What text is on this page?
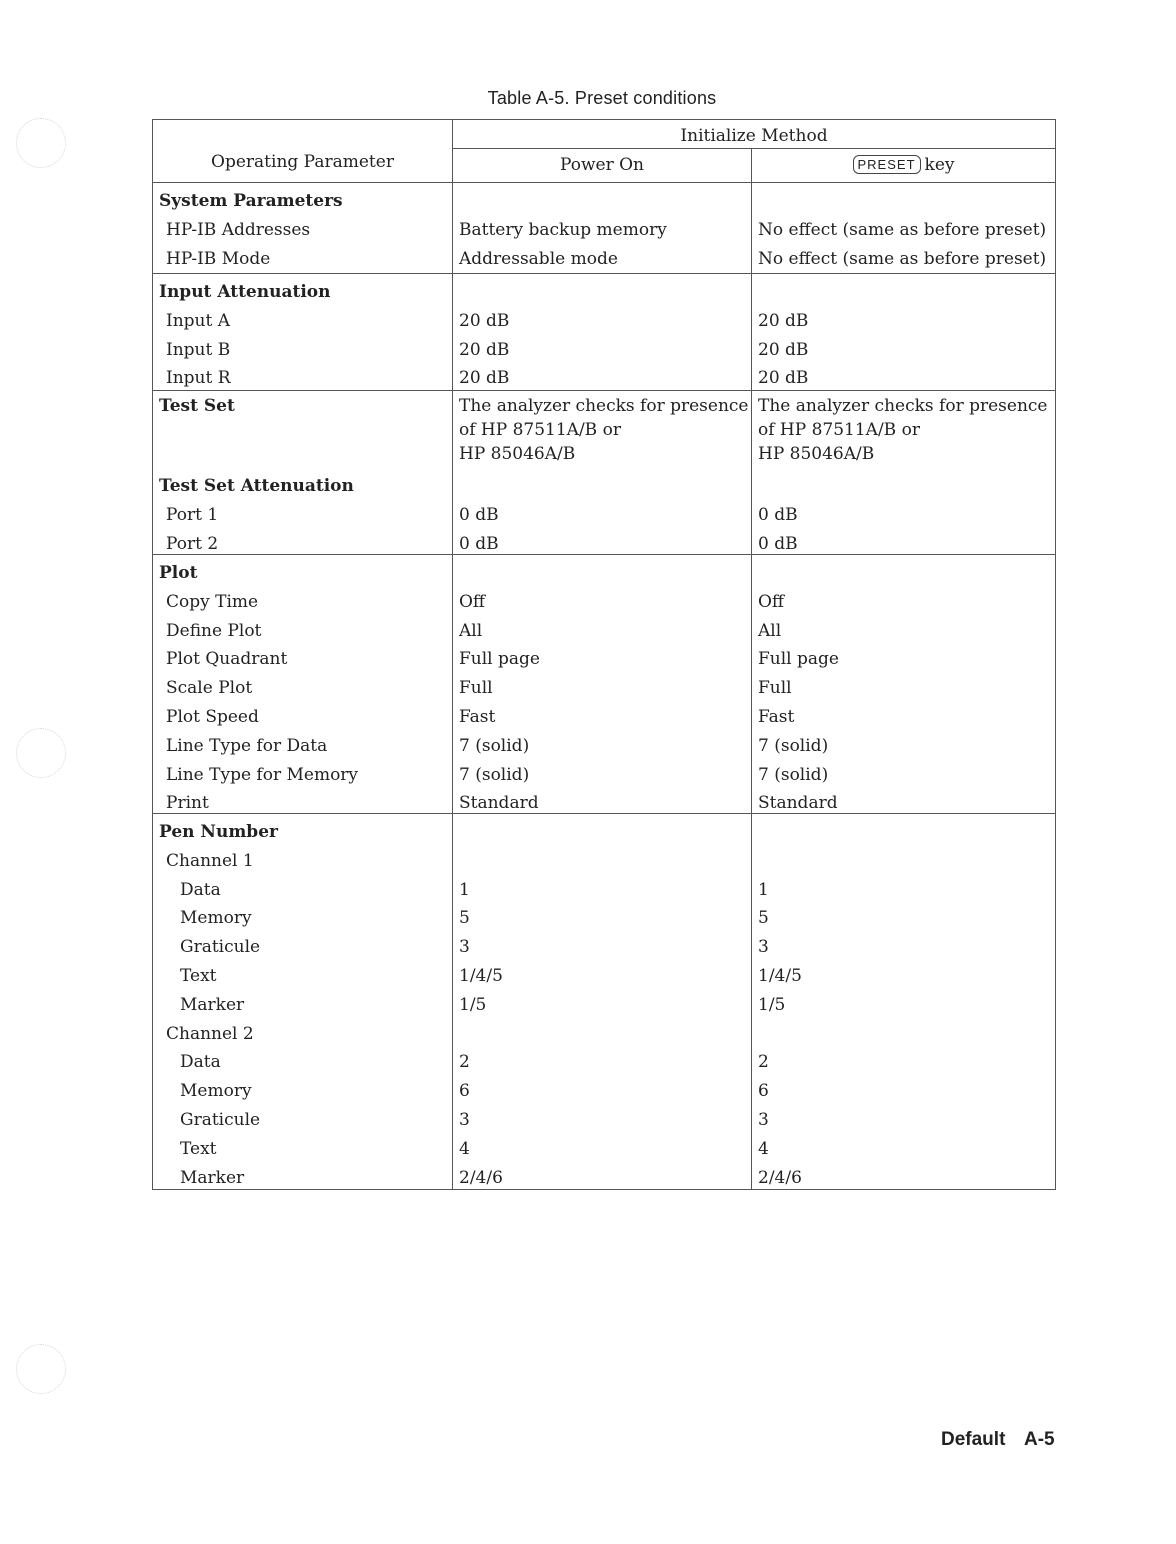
Table A-5. Preset conditions
Operating Parameter
Initialize Method
Power On	PRESET key
System Parameters
HP-IB Addresses
HP-IB Mode

Battery backup memory
Addressable mode

No effect (same as before preset)
No effect (same as before preset)
Input Attenuation
Input A
Input B
Input R

20 dB
20 dB
20 dB

20 dB
20 dB
20 dB
Test Set

Test Set Attenuation
Port 1
Port 2
The analyzer checks for presence
of HP 87511A/B or
HP 85046A/B

0 dB
0 dB
The analyzer checks for presence
of HP 87511A/B or
HP 85046A/B

0 dB
0 dB
Plot
Copy Time
Define Plot
Plot Quadrant
Scale Plot
Plot Speed
Line Type for Data
Line Type for Memory
Print

Off
All
Full page
Full
Fast
7 (solid)
7 (solid)
Standard

Off
All
Full page
Full
Fast
7 (solid)
7 (solid)
Standard
Pen Number
Channel 1
Data
Memory
Graticule
Text
Marker
Channel 2
Data
Memory
Graticule
Text
Marker

1
5
3
1/4/5
1/5

2
6
3
4
2/4/6

1
5
3
1/4/5
1/5

2
6
3
4
2/4/6
Default A-5
